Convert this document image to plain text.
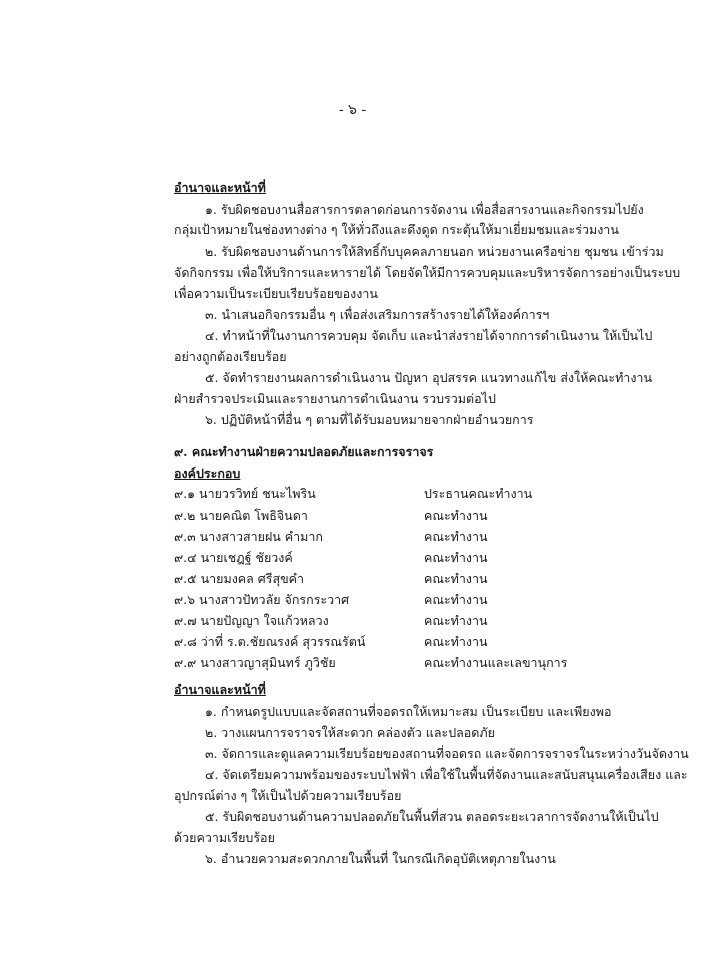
- ๖ -
อำนาจและหน้าที่
๑. รับผิดชอบงานสื่อสารการตลาดก่อนการจัดงาน เพื่อสื่อสารงานและกิจกรรมไปยัง
กลุ่มเป้าหมายในช่องทางต่าง ๆ ให้ทั่วถึงและดึงดูด กระตุ้นให้มาเยี่ยมชมและร่วมงาน
๒. รับผิดชอบงานด้านการให้สิทธิ์กับบุคคลภายนอก หน่วยงานเครือข่าย ชุมชน เข้าร่วม
จัดกิจกรรม เพื่อให้บริการและหารายได้ โดยจัดให้มีการควบคุมและบริหารจัดการอย่างเป็นระบบ
เพื่อความเป็นระเบียบเรียบร้อยของงาน
๓. นำเสนอกิจกรรมอื่น ๆ เพื่อส่งเสริมการสร้างรายได้ให้องค์การฯ
๔. ทำหน้าที่ในงานการควบคุม จัดเก็บ และนำส่งรายได้จากการดำเนินงาน ให้เป็นไป
อย่างถูกต้องเรียบร้อย
๕. จัดทำรายงานผลการดำเนินงาน ปัญหา อุปสรรค แนวทางแก้ไข ส่งให้คณะทำงาน
ฝ่ายสำรวจประเมินและรายงานการดำเนินงาน รวบรวมต่อไป
๖. ปฏิบัติหน้าที่อื่น ๆ ตามที่ได้รับมอบหมายจากฝ่ายอำนวยการ
๙. คณะทำงานฝ่ายความปลอดภัยและการจราจร
องค์ประกอบ
๙.๑ นายวรวิทย์ ชนะไพริน	ประธานคณะทำงาน
๙.๒ นายคณิต โพธิจินดา	คณะทำงาน
๙.๓ นางสาวสายฝน คำมาก	คณะทำงาน
๙.๔ นายเชฎฐ์ ชัยวงค์	คณะทำงาน
๙.๕ นายมงคล ศรีสุขคำ	คณะทำงาน
๙.๖ นางสาวปัทวลัย จักรกระวาศ	คณะทำงาน
๙.๗ นายปัญญา ใจแก้วหลวง	คณะทำงาน
๙.๘ ว่าที่ ร.ต.ชัยณรงค์ สุวรรณรัตน์	คณะทำงาน
๙.๙ นางสาวญาสุมินทร์ ภูวิชัย	คณะทำงานและเลขานุการ
อำนาจและหน้าที่
๑. กำหนดรูปแบบและจัดสถานที่จอดรถให้เหมาะสม เป็นระเบียบ และเพียงพอ
๒. วางแผนการจราจรให้สะดวก คล่องตัว และปลอดภัย
๓. จัดการและดูแลความเรียบร้อยของสถานที่จอดรถ และจัดการจราจรในระหว่างวันจัดงาน
๔. จัดเตรียมความพร้อมของระบบไฟฟ้า เพื่อใช้ในพื้นที่จัดงานและสนับสนุนเครื่องเสียง และ
อุปกรณ์ต่าง ๆ ให้เป็นไปด้วยความเรียบร้อย
๕. รับผิดชอบงานด้านความปลอดภัยในพื้นที่สวน ตลอดระยะเวลาการจัดงานให้เป็นไป
ด้วยความเรียบร้อย
๖. อำนวยความสะดวกภายในพื้นที่ ในกรณีเกิดอุบัติเหตุภายในงาน
